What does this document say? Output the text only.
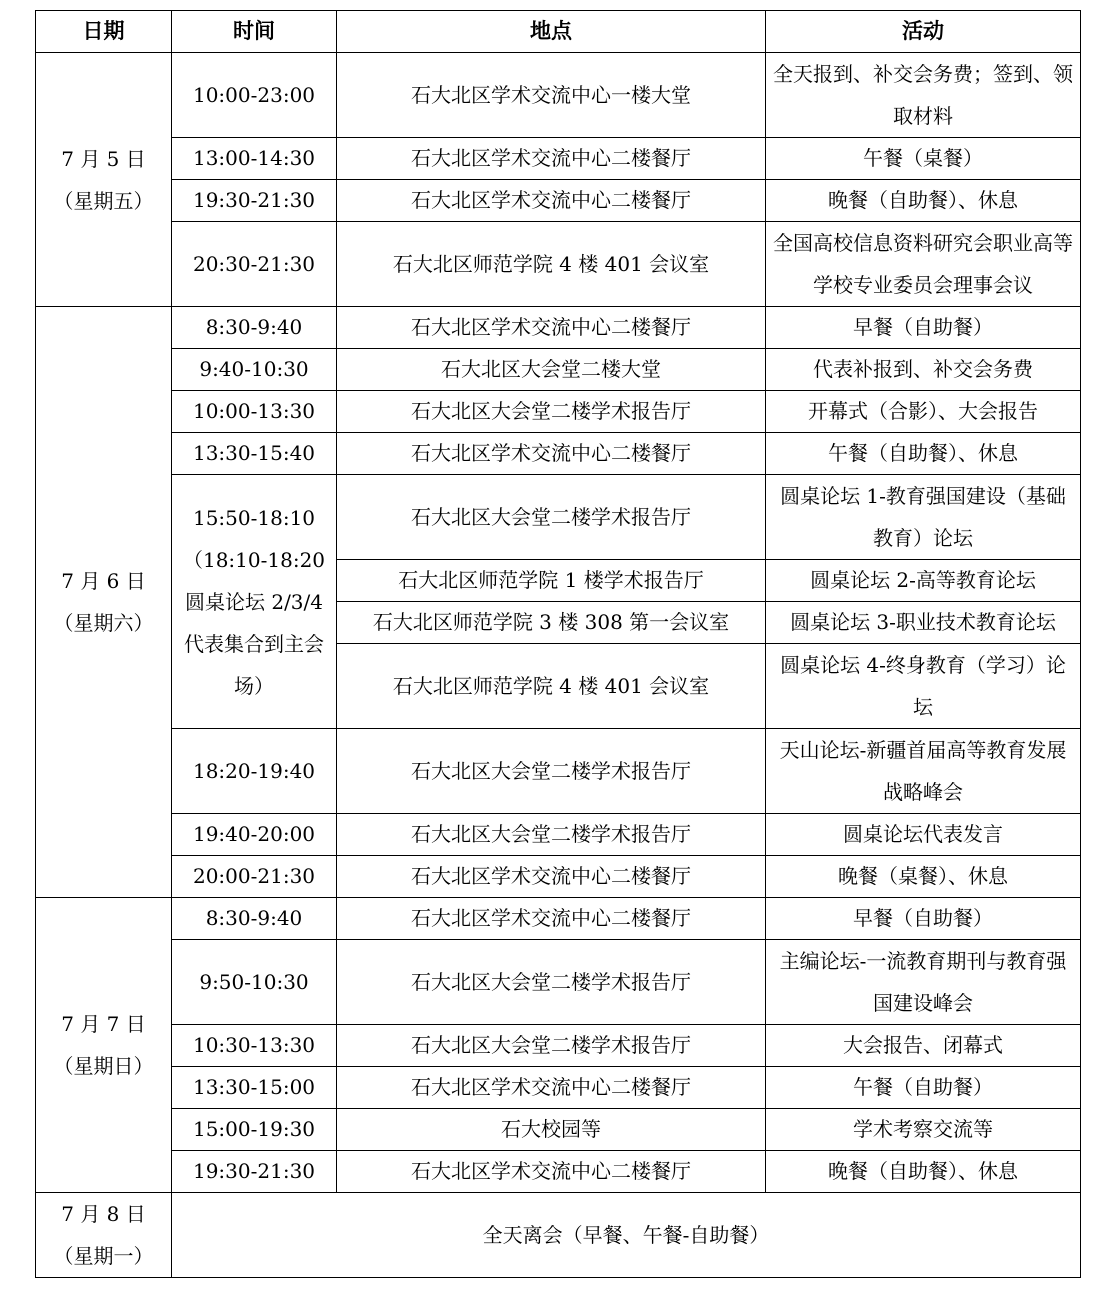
日期	时间	地点	活动

7 月 5 日
（星期五）	10:00-23:00	石大北区学术交流中心一楼大堂	全天报到、补交会务费；签到、领取材料
	13:00-14:30	石大北区学术交流中心二楼餐厅	午餐（桌餐）
	19:30-21:30	石大北区学术交流中心二楼餐厅	晚餐（自助餐）、休息
	20:30-21:30	石大北区师范学院 4 楼 401 会议室	全国高校信息资料研究会职业高等学校专业委员会理事会议

7 月 6 日
（星期六）	8:30-9:40	石大北区学术交流中心二楼餐厅	早餐（自助餐）
	9:40-10:30	石大北区大会堂二楼大堂	代表补报到、补交会务费
	10:00-13:30	石大北区大会堂二楼学术报告厅	开幕式（合影）、大会报告
	13:30-15:40	石大北区学术交流中心二楼餐厅	午餐（自助餐）、休息
	15:50-18:10（18:10-18:20 圆桌论坛 2/3/4 代表集合到主会场）	石大北区大会堂二楼学术报告厅	圆桌论坛 1-教育强国建设（基础教育）论坛
		石大北区师范学院 1 楼学术报告厅	圆桌论坛 2-高等教育论坛
		石大北区师范学院 3 楼 308 第一会议室	圆桌论坛 3-职业技术教育论坛
		石大北区师范学院 4 楼 401 会议室	圆桌论坛 4-终身教育（学习）论坛
	18:20-19:40	石大北区大会堂二楼学术报告厅	天山论坛-新疆首届高等教育发展战略峰会
	19:40-20:00	石大北区大会堂二楼学术报告厅	圆桌论坛代表发言
	20:00-21:30	石大北区学术交流中心二楼餐厅	晚餐（桌餐）、休息

7 月 7 日
（星期日）	8:30-9:40	石大北区学术交流中心二楼餐厅	早餐（自助餐）
	9:50-10:30	石大北区大会堂二楼学术报告厅	主编论坛-一流教育期刊与教育强国建设峰会
	10:30-13:30	石大北区大会堂二楼学术报告厅	大会报告、闭幕式
	13:30-15:00	石大北区学术交流中心二楼餐厅	午餐（自助餐）
	15:00-19:30	石大校园等	学术考察交流等
	19:30-21:30	石大北区学术交流中心二楼餐厅	晚餐（自助餐）、休息

7 月 8 日
（星期一）	全天离会（早餐、午餐-自助餐）		
